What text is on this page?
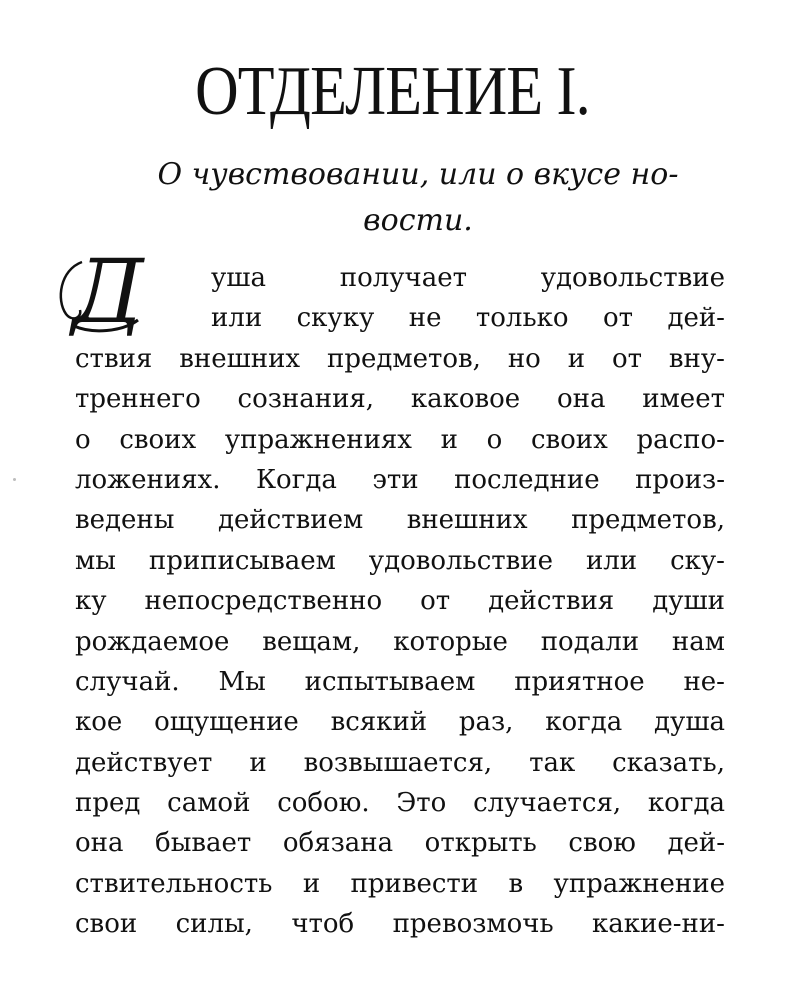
ОТДЕЛЕНИЕ I.
О чувствовании, или о вкусе но-
вости.
Д	уша	получает	удовольствие
или скуку не только от дей-
ствия внешних предметов, но и от вну-
треннего сознания, каковое она имеет
о своих упражнениях и о своих распо-
ложениях. Когда эти последние произ-
ведены действием внешних предметов,
мы приписываем удовольствие или ску-
ку непосредственно от действия души
рождаемое вещам, которые подали нам
случай. Мы испытываем приятное не-
кое ощущение всякий раз, когда душа
действует и возвышается, так сказать,
пред самой собою. Это случается, когда
она бывает обязана открыть свою дей-
ствительность и привести в упражнение
свои силы, чтоб превозмочь какие-ни-
